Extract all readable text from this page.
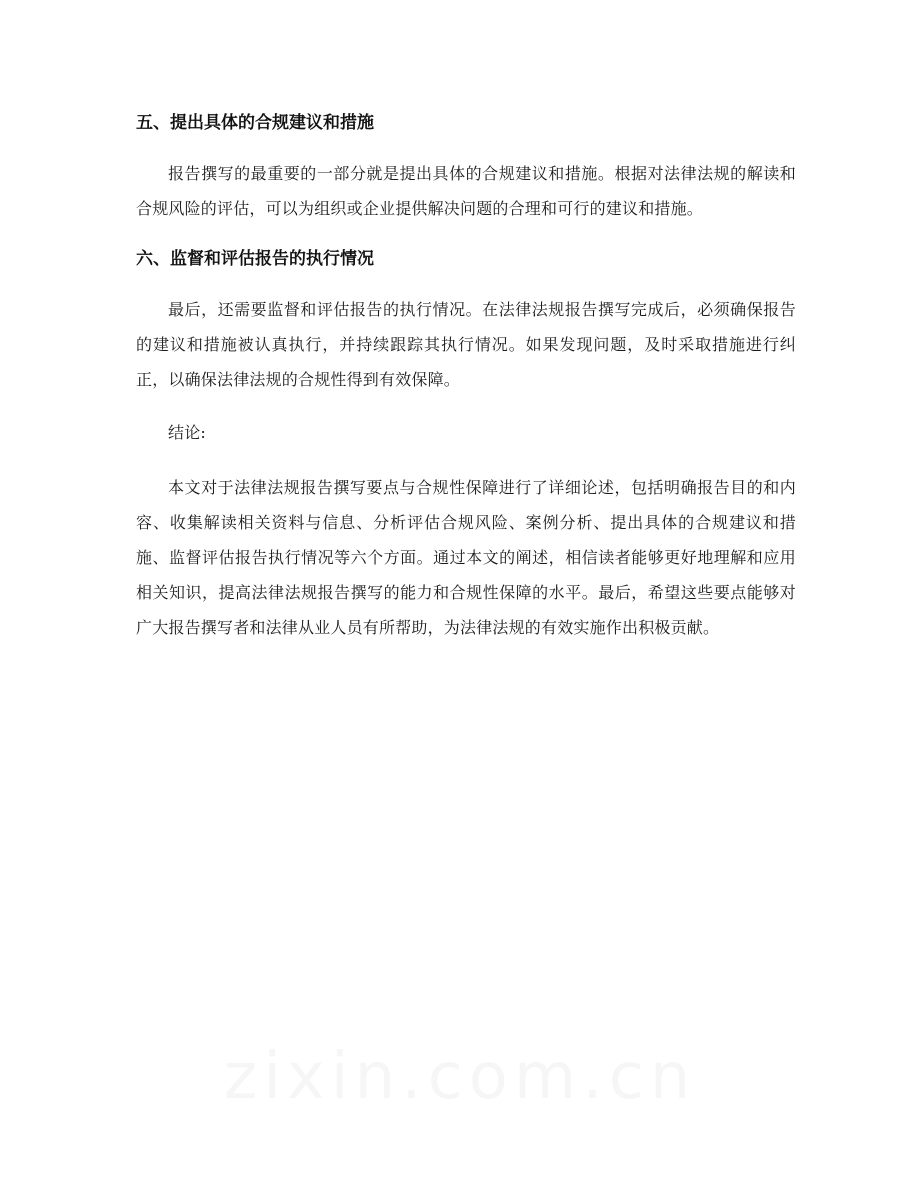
五、提出具体的合规建议和措施

报告撰写的最重要的一部分就是提出具体的合规建议和措施。根据对法律法规的解读和合规风险的评估，可以为组织或企业提供解决问题的合理和可行的建议和措施。

六、监督和评估报告的执行情况

最后，还需要监督和评估报告的执行情况。在法律法规报告撰写完成后，必须确保报告的建议和措施被认真执行，并持续跟踪其执行情况。如果发现问题，及时采取措施进行纠正，以确保法律法规的合规性得到有效保障。

结论:

本文对于法律法规报告撰写要点与合规性保障进行了详细论述，包括明确报告目的和内容、收集解读相关资料与信息、分析评估合规风险、案例分析、提出具体的合规建议和措施、监督评估报告执行情况等六个方面。通过本文的阐述，相信读者能够更好地理解和应用相关知识，提高法律法规报告撰写的能力和合规性保障的水平。最后，希望这些要点能够对广大报告撰写者和法律从业人员有所帮助，为法律法规的有效实施作出积极贡献。
